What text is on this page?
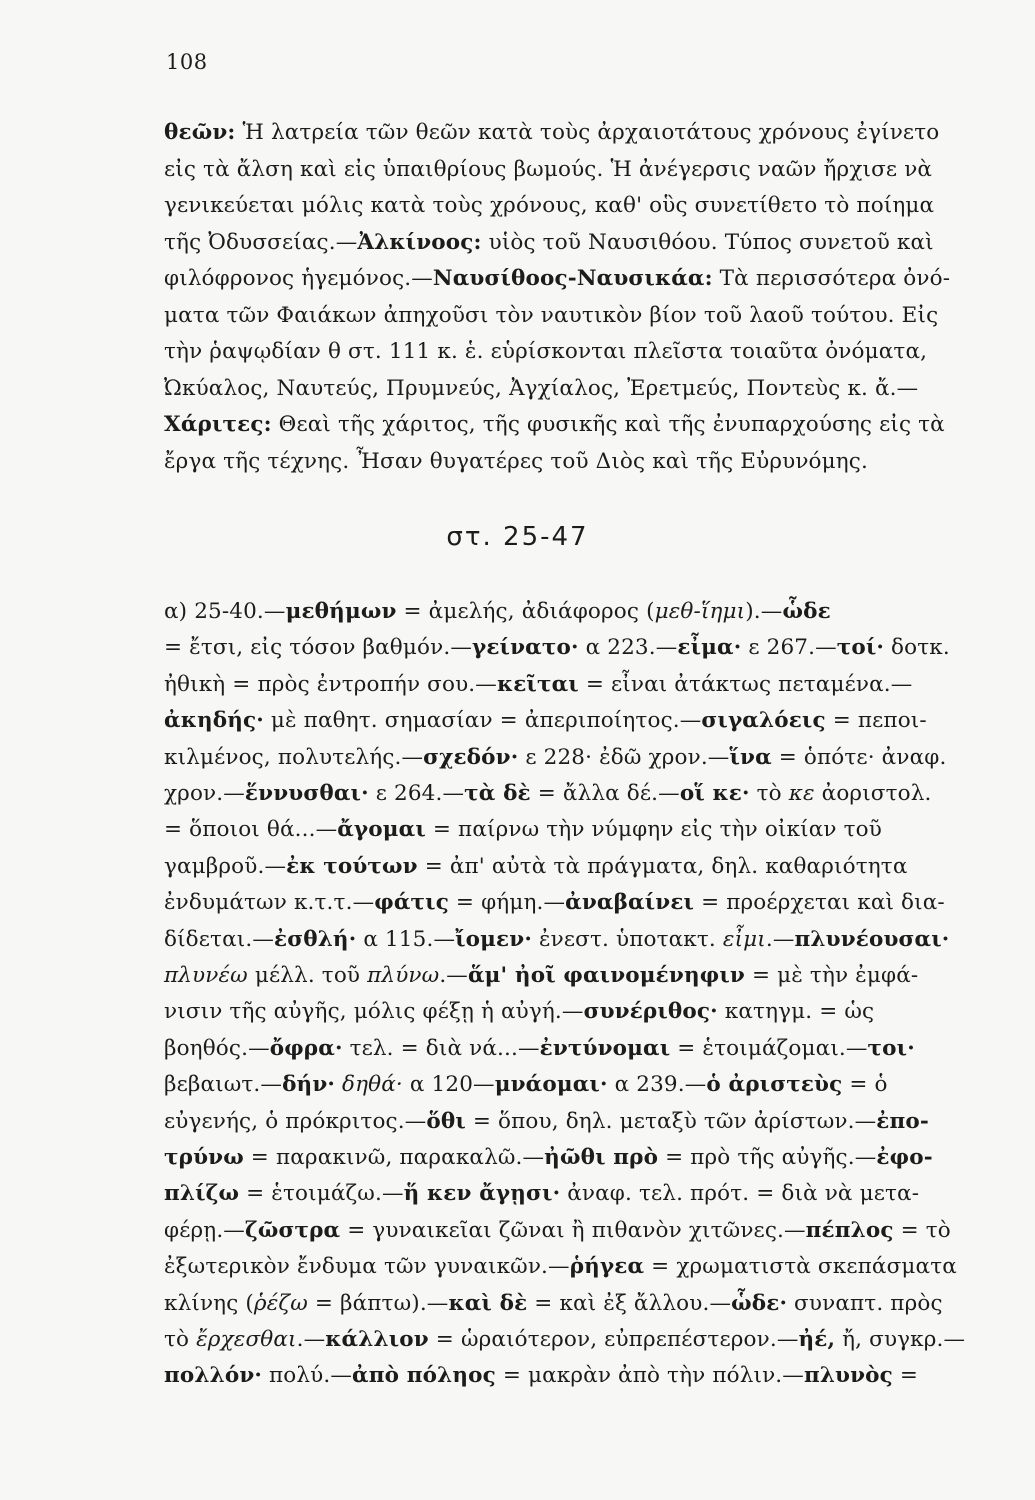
108
θεῶν: Ἡ λατρεία τῶν θεῶν κατὰ τοὺς ἀρχαιοτάτους χρόνους ἐγίνετο
εἰς τὰ ἄλση καὶ εἰς ὑπαιθρίους βωμούς. Ἡ ἀνέγερσις ναῶν ἤρχισε νὰ
γενικεύεται μόλις κατὰ τοὺς χρόνους, καθ' οὓς συνετίθετο τὸ ποίημα
τῆς Ὀδυσσείας.—Ἀλκίνοος: υἱὸς τοῦ Ναυσιθόου. Τύπος συνετοῦ καὶ
φιλόφρονος ἡγεμόνος.—Ναυσίθοος-Ναυσικάα: Τὰ περισσότερα ὀνό-
ματα τῶν Φαιάκων ἀπηχοῦσι τὸν ναυτικὸν βίον τοῦ λαοῦ τούτου. Εἰς
τὴν ῥαψῳδίαν θ στ. 111 κ. ἑ. εὑρίσκονται πλεῖστα τοιαῦτα ὀνόματα,
Ὠκύαλος, Ναυτεύς, Πρυμνεύς, Ἀγχίαλος, Ἐρετμεύς, Ποντεὺς κ. ἄ.—
Χάριτες: Θεαὶ τῆς χάριτος, τῆς φυσικῆς καὶ τῆς ἐνυπαρχούσης εἰς τὰ
ἔργα τῆς τέχνης. Ἦσαν θυγατέρες τοῦ Διὸς καὶ τῆς Εὐρυνόμης.
στ. 25-47
α) 25-40.—μεθήμων = ἀμελής, ἀδιάφορος (μεθ-ἵημι).—ὧδε
= ἔτσι, εἰς τόσον βαθμόν.—γείνατο· α 223.—εἶμα· ε 267.—τοί· δοτκ.
ἠθικὴ = πρὸς ἐντροπήν σου.—κεῖται = εἶναι ἀτάκτως πεταμένα.—
ἀκηδής· μὲ παθητ. σημασίαν = ἀπεριποίητος.—σιγαλόεις = πεποι-
κιλμένος, πολυτελής.—σχεδόν· ε 228· ἐδῶ χρον.—ἵνα = ὁπότε· ἀναφ.
χρον.—ἕννυσθαι· ε 264.—τὰ δὲ = ἄλλα δέ.—οἵ κε· τὸ κε ἀοριστολ.
= ὅποιοι θά...—ἄγομαι = παίρνω τὴν νύμφην εἰς τὴν οἰκίαν τοῦ
γαμβροῦ.—ἐκ τούτων = ἀπ' αὐτὰ τὰ πράγματα, δηλ. καθαριότητα
ἐνδυμάτων κ.τ.τ.—φάτις = φήμη.—ἀναβαίνει = προέρχεται καὶ δια-
δίδεται.—ἐσθλή· α 115.—ἴομεν· ἐνεστ. ὑποτακτ. εἶμι.—πλυνέουσαι·
πλυνέω μέλλ. τοῦ πλύνω.—ἅμ' ἠοῖ φαινομένηφιν = μὲ τὴν ἐμφά-
νισιν τῆς αὐγῆς, μόλις φέξῃ ἡ αὐγή.—συνέριθος· κατηγμ. = ὡς
βοηθός.—ὄφρα· τελ. = διὰ νά...—ἐντύνομαι = ἑτοιμάζομαι.—τοι·
βεβαιωτ.—δήν· δηθά· α 120—μνάομαι· α 239.—ὁ ἀριστεὺς = ὁ
εὐγενής, ὁ πρόκριτος.—ὅθι = ὅπου, δηλ. μεταξὺ τῶν ἀρίστων.—ἐπο-
τρύνω = παρακινῶ, παρακαλῶ.—ἠῶθι πρὸ = πρὸ τῆς αὐγῆς.—ἐφο-
πλίζω = ἑτοιμάζω.—ἥ κεν ἄγῃσι· ἀναφ. τελ. πρότ. = διὰ νὰ μετα-
φέρῃ.—ζῶστρα = γυναικεῖαι ζῶναι ἢ πιθανὸν χιτῶνες.—πέπλος = τὸ
ἐξωτερικὸν ἔνδυμα τῶν γυναικῶν.—ῥήγεα = χρωματιστὰ σκεπάσματα
κλίνης (ῥέζω = βάπτω).—καὶ δὲ = καὶ ἐξ ἄλλου.—ὧδε· συναπτ. πρὸς
τὸ ἔρχεσθαι.—κάλλιον = ὡραιότερον, εὐπρεπέστερον.—ἠέ, ἤ, συγκρ.—
πολλόν· πολύ.—ἀπὸ πόληος = μακρὰν ἀπὸ τὴν πόλιν.—πλυνὸς =
